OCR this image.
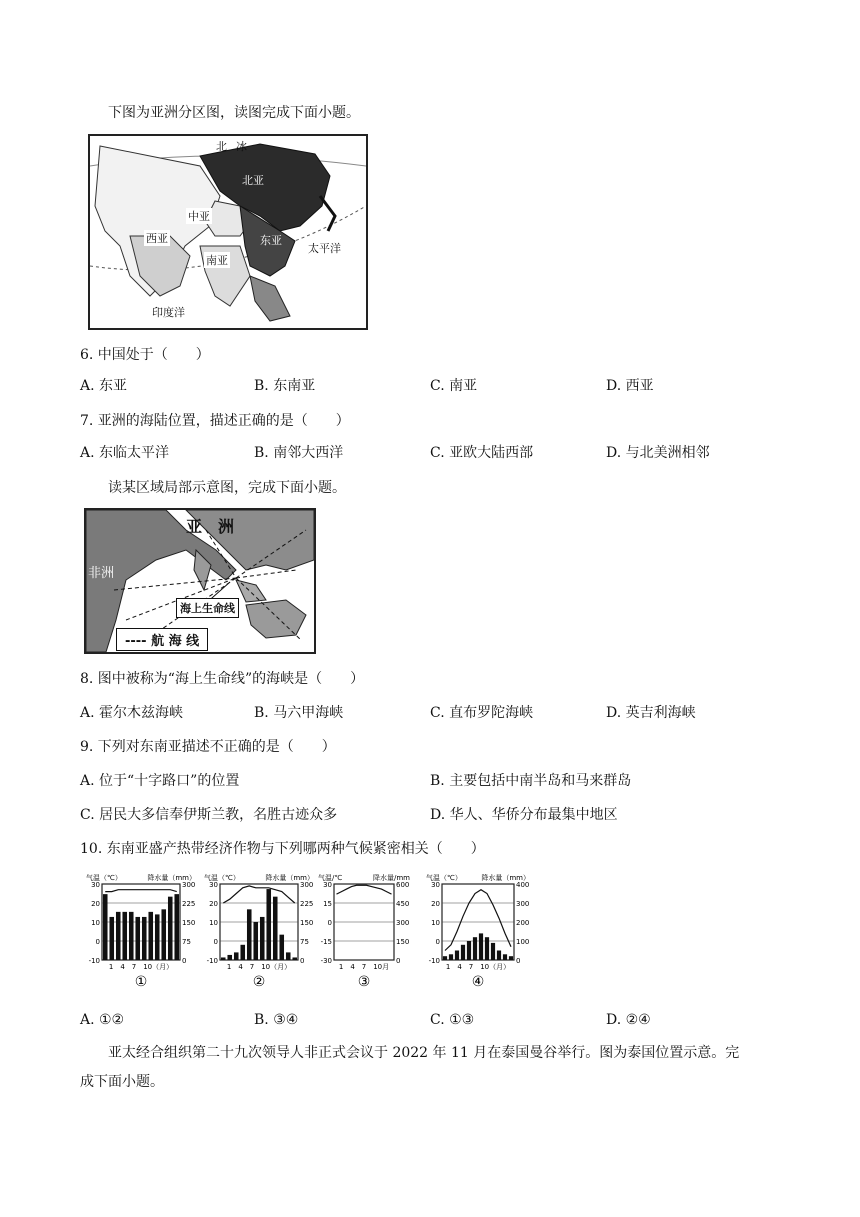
下图为亚洲分区图，读图完成下面小题。
北 冰
北亚
中亚
东亚
西亚
南亚
太平洋
印度洋
6. 中国处于（　　）
A. 东亚	B. 东南亚	C. 南亚	D. 西亚
7. 亚洲的海陆位置，描述正确的是（　　）
A. 东临太平洋	B. 南邻大西洋	C. 亚欧大陆西部	D. 与北美洲相邻
读某区域局部示意图，完成下面小题。
亚　洲
非洲
海上生命线
---- 航 海 线
8. 图中被称为“海上生命线”的海峡是（　　）
A. 霍尔木兹海峡	B. 马六甲海峡	C. 直布罗陀海峡	D. 英吉利海峡
9. 下列对东南亚描述不正确的是（　　）
A. 位于“十字路口”的位置	B. 主要包括中南半岛和马来群岛
C. 居民大多信奉伊斯兰教，名胜古迹众多	D. 华人、华侨分布最集中地区
10. 东南亚盛产热带经济作物与下列哪两种气候紧密相关（　　）
-10	0
0	75
10	150
20	225
30	300
气温（℃）	降水量（mm）
1　4　7　10（月）
①
-10	0
0	75
10	150
20	225
30	300
气温（℃）	降水量（mm）
1　4　7　10（月）
②
-30	0
-15	150
0	300
15	450
30	600
气温/℃	降水量/mm
1　4　7　10月
③
-10	0
0	100
10	200
20	300
30	400
气温（℃）	降水量（mm）
1　4　7　10（月）
④
A. ①②	B. ③④	C. ①③	D. ②④
亚太经合组织第二十九次领导人非正式会议于 2022 年 11 月在泰国曼谷举行。图为泰国位置示意。完
成下面小题。
